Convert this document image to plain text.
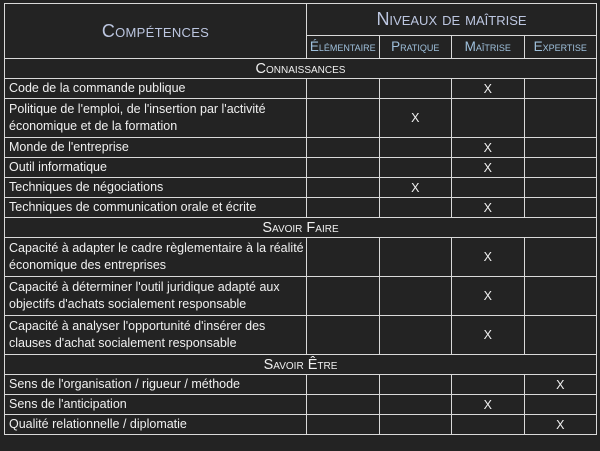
Compétences	Niveaux de maîtrise			
	Élémentaire	Pratique	Maîtrise	Expertise
Connaissances				
Code de la commande publique			X	
Politique de l'emploi, de l'insertion par l'activité économique et de la formation		X		
Monde de l'entreprise			X	
Outil informatique			X	
Techniques de négociations		X		
Techniques de communication orale et écrite			X	
Savoir Faire				
Capacité à adapter le cadre règlementaire à la réalité économique des entreprises			X	
Capacité à déterminer l'outil juridique adapté aux objectifs d'achats socialement responsable			X	
Capacité à analyser l'opportunité d'insérer des clauses d'achat socialement responsable			X	
Savoir Être				
Sens de l'organisation / rigueur / méthode				X
Sens de l'anticipation			X	
Qualité relationnelle / diplomatie				X
